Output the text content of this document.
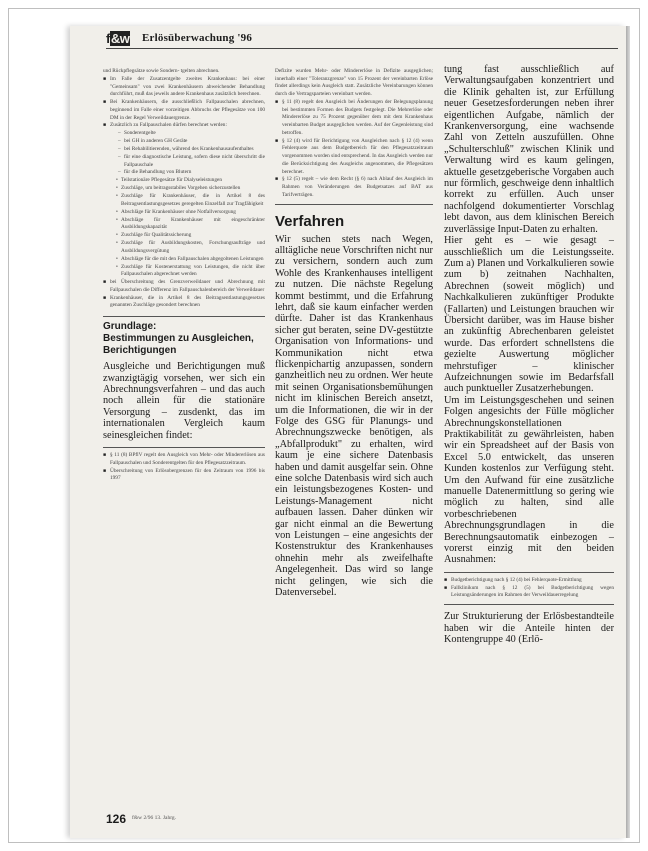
f&w Erlösüberwachung '96

und Rückpflegsätze sowie Sondern- tgelten abrechnen.

■ Im Falle der Zusatzentgelte zweites Krankenhaus: bei einer "Gemeinsam" von zwei Krankenhäusern abweichender Behandlung durchführt, muß das jeweils andere Krankenhaus zusätzlich berechnen.
■ Bei Krankenhäusern, die ausschließlich Fallpauschalen abrechnen, beginnend im Falle einer vorzeitigen Abbruchs der Pflegesätze von 100 DM in der Regel Verweildauergrenze.
■ Zusätzlich zu Fallpauschalen dürfen berechnet werden:
– Sonderentgelte
– bei GH in anderen GH Geräte
– bei Rehabilitierenden, während des Krankenhausaufenthaltes
– für eine diagnostische Leistung, sofern diese nicht überschritt die Fallpauschale
– für die Behandlung von Blutern
• Teilstationäre Pflegesätze für Dialyseleistungen
• Zuschläge, um beitragsstabiles Vorgehen sicherzustellen
• Zuschläge für Krankenhäuser, die in Artikel 8 des Beitragsentlastungsgesetzes geregelten Einzelfall zur Tragfähigkeit
• Abschläge für Krankenhäuser ohne Notfallversorgung
• Abschläge für Krankenhäuser mit eingeschränkter Ausbildungskapazität
• Zuschläge für Qualitätssicherung
• Zuschläge für Ausbildungskosten, Forschungsaufträge und Ausbildungsvergütung
• Abschläge für die mit den Fallpauschalen abgegoltenen Leistungen
• Zuschläge für Kostenerstattung von Leistungen, die nicht über Fallpauschalen abgerechnet werden
■ bei Überschreitung des Grenzverweildauer und Abrechnung mit Fallpauschalen die Differenz im Fallpauschalenbereich der Verweildauer
■ Krankenhäuser, die in Artikel 8 des Beitragsentlastungsgesetzes genannten Zuschläge gesondert berechnen
Grundlage:
Bestimmungen zu Ausgleichen, Berichtigungen
Ausgleiche und Berichtigungen muß zwanzigtägig vorsehen, wer sich ein Abrechnungsverfahren – und das auch noch allein für die stationäre Versorgung – zusdenkt, das im internationalen Vergleich kaum seinesgleichen findet:
■ § 11 (8) BPflV regelt den Ausgleich von Mehr- oder Mindererlösen aus Fallpauschalen und Sonderentgelten für den Pflegesatzzeitraum.
■ Überschreitung von Erlösobergrenzen für den Zeitraum von 1996 bis 1997

Defizite wurden Mehr- oder Mindererlöse in Defizite ausgeglichen; innerhalb einer "Toleranzgrenze" von 15 Prozent der vereinbarten Erlöse findet allerdings kein Ausgleich statt. Zusätzliche Vereinbarungen können durch die Vertragsparteien vereinbart werden.

■ § 11 (8) regelt den Ausgleich bei Änderungen der Belegungsplanung bei bestimmten Formen des Budgets festgelegt. Die Mehrerlöse oder Mindererlöse zu 75 Prozent gegenüber dem mit dem Krankenhaus vereinbarten Budget ausgeglichen werden. Auf der Gegenleistung sind betroffen.
■ § 12 (4) wird für Berichtigung von Ausgleichen nach § 12 (4) wenn Fehlerquote aus dem Budgetbereich für den Pflegesatzzeitraum vorgenommen worden sind entsprechend. In das Ausgleich werden nur die Berücksichtigung des Ausgleichs angenommen, die Pflegesätzen berechnet.
■ § 12 (5) regelt – wie dem Recht (§ 6) nach Ablauf des Ausgleich im Rahmen von Veränderungen des Budgetsatzes auf BAT aus Tarifverträgen.
Verfahren
Wir suchen stets nach Wegen, alltägliche neue Vorschriften nicht nur zu versichern, sondern auch zum Wohle des Krankenhauses intelligent zu nutzen. Die nächste Regelung kommt bestimmt, und die Erfahrung lehrt, daß sie kaum einfacher werden dürfte. Daher ist das Krankenhaus sicher gut beraten, seine DV-gestützte Organisation von Informations- und Kommunikation nicht etwa flickenpichartig anzupassen, sondern ganzheitlich neu zu ordnen. Wer heute mit seinen Organisationsbemühungen nicht im klinischen Bereich ansetzt, um die Informationen, die wir in der Folge des GSG für Planungs- und Abrechnungszwecke benötigen, als „Abfallprodukt" zu erhalten, wird kaum je eine sichere Datenbasis haben und damit ausgelfar sein. Ohne eine solche Datenbasis wird sich auch ein leistungsbezogenes Kosten- und Leistungs-Management nicht aufbauen lassen. Daher dünken wir gar nicht einmal an die Bewertung von Leistungen – eine angesichts der Kostenstruktur des Krankenhauses ohnehin mehr als zweifelhafte Angelegenheit. Das wird so lange nicht gelingen, wie sich die Datenversebel.
tung fast ausschließlich auf Verwaltungsaufgaben konzentriert und die Klinik gehalten ist, zur Erfüllung neuer Gesetzesforderungen neben ihrer eigentlichen Aufgabe, nämlich der Krankenversorgung, eine wachsende Zahl von Zetteln auszufüllen. Ohne „Schulterschluß" zwischen Klinik und Verwaltung wird es kaum gelingen, aktuelle gesetzgeberische Vorgaben auch nur förmlich, geschweige denn inhaltlich korrekt zu erfüllen. Auch unser nachfolgend dokumentierter Vorschlag lebt davon, aus dem klinischen Bereich zuverlässige Input-Daten zu erhalten.
Hier geht es – wie gesagt – ausschließlich um die Leistungsseite. Zum a) Planen und Vorkalkulieren sowie zum b) zeitnahen Nachhalten, Abrechnen (soweit möglich) und Nachkalkulieren zukünftiger Produkte (Fallarten) und Leistungen brauchen wir Übersicht darüber, was im Hause bisher an zukünftig Abrechenbaren geleistet wurde. Das erfordert schnellstens die gezielte Auswertung möglicher mehrstufiger – klinischer Aufzeichnungen sowie im Bedarfsfall auch punktueller Zusatzerhebungen.
Um im Leistungsgeschehen und seinen Folgen angesichts der Fülle möglicher Abrechnungskonstellationen Praktikabilität zu gewährleisten, haben wir ein Spreadsheet auf der Basis von Excel 5.0 entwickelt, das unseren Kunden kostenlos zur Verfügung steht. Um den Aufwand für eine zusätzliche manuelle Datenermittlung so gering wie möglich zu halten, sind alle vorbeschriebenen Abrechnungsgrundlagen in die Berechnungsautomatik einbezogen – vorerst einzig mit den beiden Ausnahmen:
■ Budgetberichtigung nach § 12 (4) bei Fehlerquote-Ermittlung
■ Fallklinikum nach § 12 (5) bei Budgetberichtigung wegen Leistungsänderungen im Rahmen der Verweildauerregelung
Zur Strukturierung der Erlösbestandteile haben wir die Anteile hinten der Kontengruppe 40 (Erlö-
126 f&w 2/96 13. Jahrg.
